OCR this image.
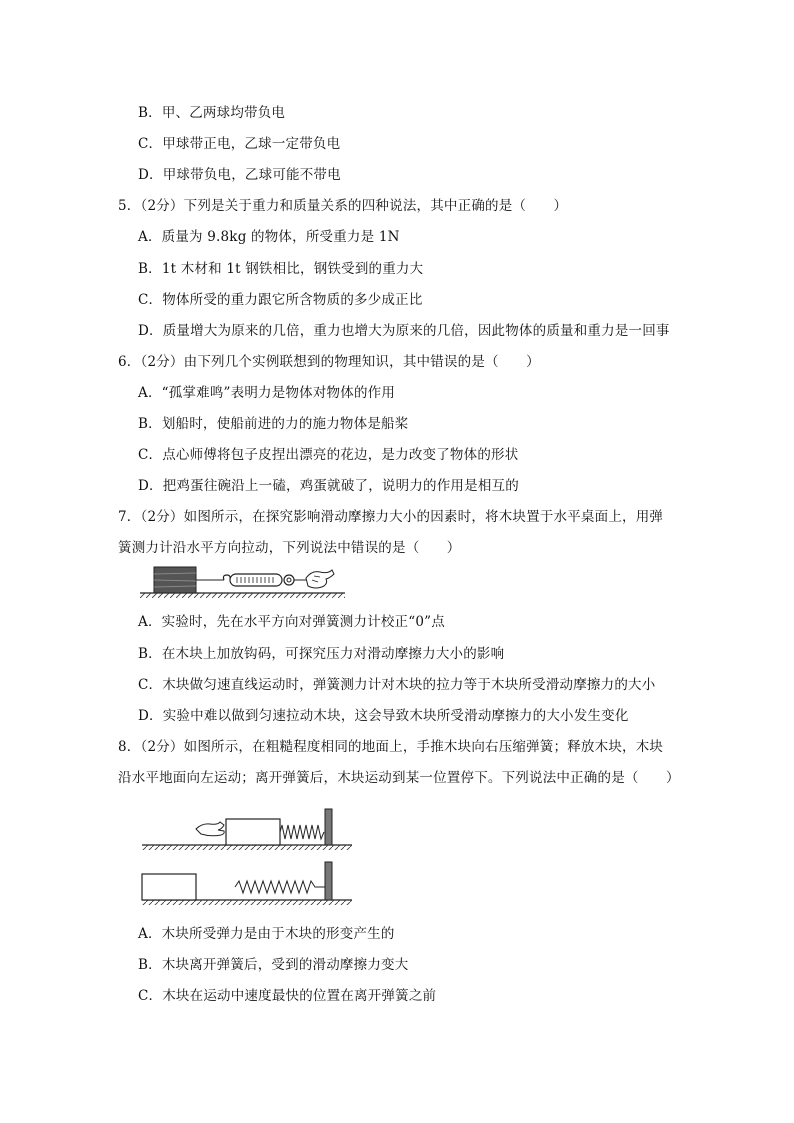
B．甲、乙两球均带负电
C．甲球带正电，乙球一定带负电
D．甲球带负电，乙球可能不带电
5．（2分）下列是关于重力和质量关系的四种说法，其中正确的是（　　）
A．质量为 9.8kg 的物体，所受重力是 1N
B．1t 木材和 1t 钢铁相比，钢铁受到的重力大
C．物体所受的重力跟它所含物质的多少成正比
D．质量增大为原来的几倍，重力也增大为原来的几倍，因此物体的质量和重力是一回事
6．（2分）由下列几个实例联想到的物理知识，其中错误的是（　　）
A．“孤掌难鸣”表明力是物体对物体的作用
B．划船时，使船前进的力的施力物体是船桨
C．点心师傅将包子皮捏出漂亮的花边，是力改变了物体的形状
D．把鸡蛋往碗沿上一磕，鸡蛋就破了，说明力的作用是相互的
7．（2分）如图所示，在探究影响滑动摩擦力大小的因素时，将木块置于水平桌面上，用弹
簧测力计沿水平方向拉动，下列说法中错误的是（　　）
A．实验时，先在水平方向对弹簧测力计校正“0”点
B．在木块上加放钩码，可探究压力对滑动摩擦力大小的影响
C．木块做匀速直线运动时，弹簧测力计对木块的拉力等于木块所受滑动摩擦力的大小
D．实验中难以做到匀速拉动木块，这会导致木块所受滑动摩擦力的大小发生变化
8．（2分）如图所示，在粗糙程度相同的地面上，手推木块向右压缩弹簧；释放木块，木块
沿水平地面向左运动；离开弹簧后，木块运动到某一位置停下。下列说法中正确的是（　　）
A．木块所受弹力是由于木块的形变产生的
B．木块离开弹簧后，受到的滑动摩擦力变大
C．木块在运动中速度最快的位置在离开弹簧之前
